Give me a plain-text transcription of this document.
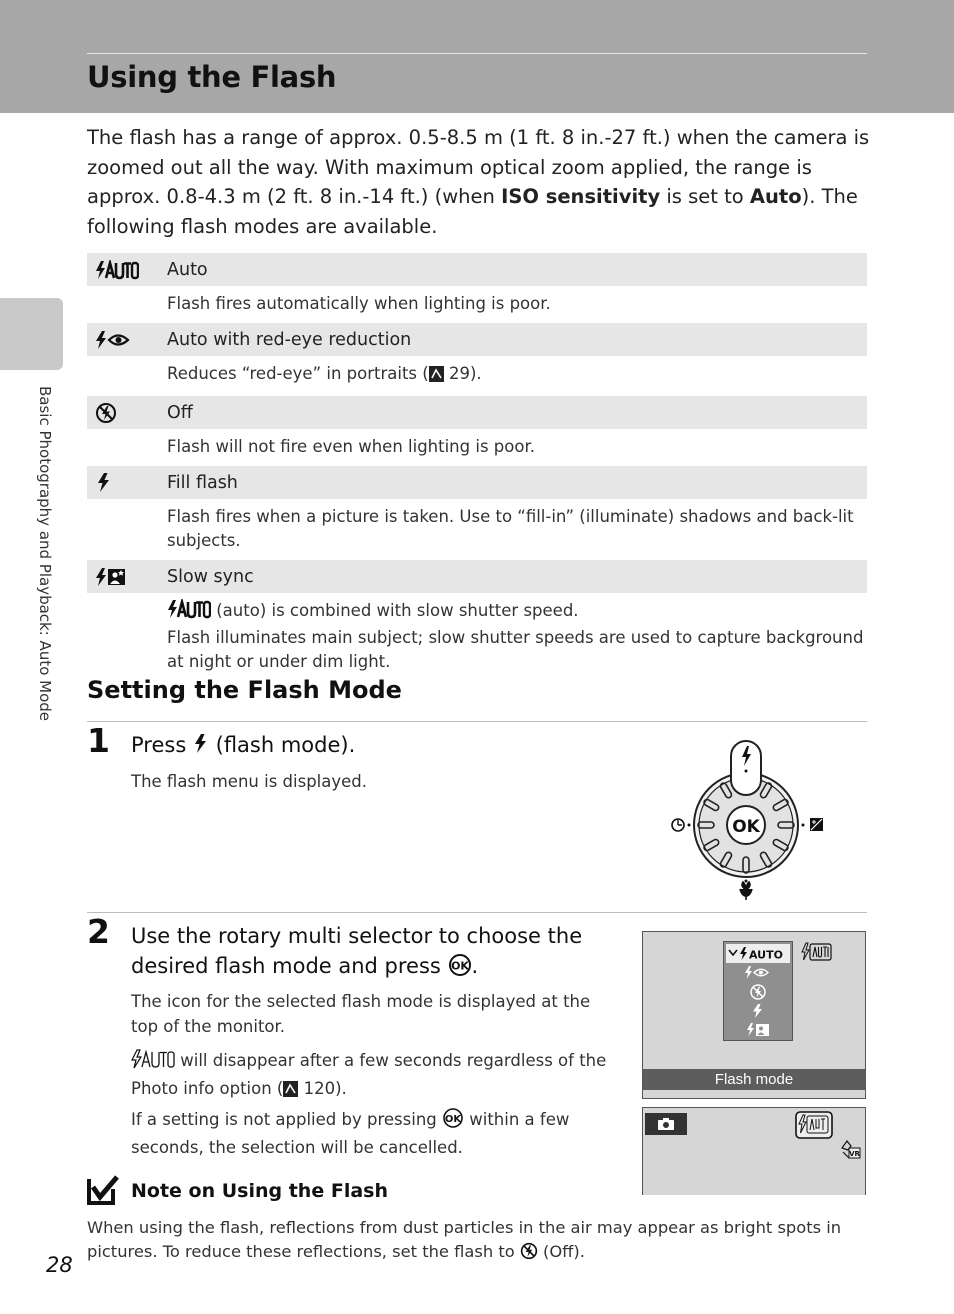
Using the Flash
Basic Photography and Playback: Auto Mode

The flash has a range of approx. 0.5-8.5 m (1 ft. 8 in.-27 ft.) when the camera is zoomed out all the way. With maximum optical zoom applied, the range is approx. 0.8-4.3 m (2 ft. 8 in.-14 ft.) (when ISO sensitivity is set to Auto). The following flash modes are available.

Auto
Flash fires automatically when lighting is poor.
Auto with red-eye reduction
Reduces “red-eye” in portraits ( 29).
Off
Flash will not fire even when lighting is poor.
Fill flash
Flash fires when a picture is taken. Use to “fill-in” (illuminate) shadows and back-lit subjects.
Slow sync
(auto) is combined with slow shutter speed.
Flash illuminates main subject; slow shutter speeds are used to capture background at night or under dim light.
Setting the Flash Mode
1 Press  (flash mode).

The flash menu is displayed.

OK
2 Use the rotary multi selector to choose the desired flash mode and press OK .

The icon for the selected flash mode is displayed at the top of the monitor.

will disappear after a few seconds regardless of the Photo info option ( 120).

If a setting is not applied by pressing OK within a few seconds, the selection will be cancelled.

AUTO
Flash mode
VR
Note on Using the Flash

When using the flash, reflections from dust particles in the air may appear as bright spots in pictures. To reduce these reflections, set the flash to  (Off).

28
